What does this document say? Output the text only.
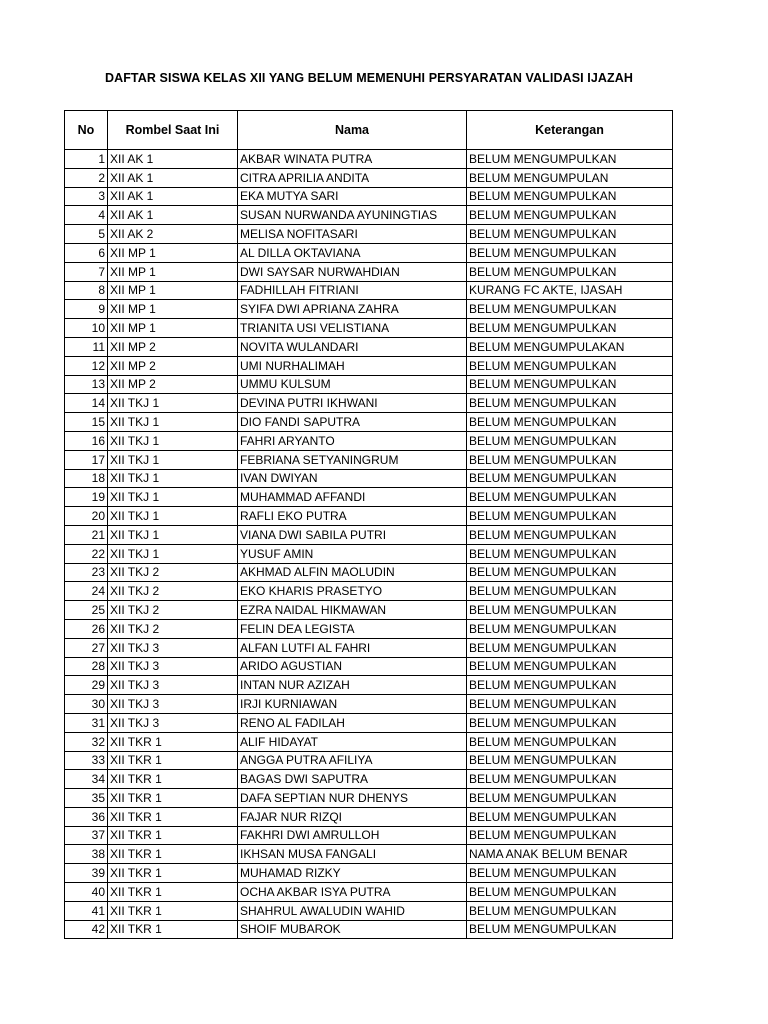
DAFTAR SISWA KELAS XII YANG BELUM MEMENUHI PERSYARATAN VALIDASI IJAZAH
No	Rombel Saat Ini	Nama	Keterangan
1	XII AK 1	AKBAR WINATA PUTRA	BELUM MENGUMPULKAN
2	XII AK 1	CITRA APRILIA ANDITA	BELUM MENGUMPULAN
3	XII AK 1	EKA MUTYA SARI	BELUM MENGUMPULKAN
4	XII AK 1	SUSAN NURWANDA AYUNINGTIAS	BELUM MENGUMPULKAN
5	XII AK 2	MELISA NOFITASARI	BELUM MENGUMPULKAN
6	XII MP 1	AL DILLA OKTAVIANA	BELUM MENGUMPULKAN
7	XII MP 1	DWI SAYSAR NURWAHDIAN	BELUM MENGUMPULKAN
8	XII MP 1	FADHILLAH FITRIANI	KURANG FC AKTE, IJASAH
9	XII MP 1	SYIFA DWI APRIANA ZAHRA	BELUM MENGUMPULKAN
10	XII MP 1	TRIANITA USI VELISTIANA	BELUM MENGUMPULKAN
11	XII MP 2	NOVITA WULANDARI	BELUM MENGUMPULAKAN
12	XII MP 2	UMI NURHALIMAH	BELUM MENGUMPULKAN
13	XII MP 2	UMMU KULSUM	BELUM MENGUMPULKAN
14	XII TKJ 1	DEVINA PUTRI IKHWANI	BELUM MENGUMPULKAN
15	XII TKJ 1	DIO FANDI SAPUTRA	BELUM MENGUMPULKAN
16	XII TKJ 1	FAHRI ARYANTO	BELUM MENGUMPULKAN
17	XII TKJ 1	FEBRIANA SETYANINGRUM	BELUM MENGUMPULKAN
18	XII TKJ 1	IVAN DWIYAN	BELUM MENGUMPULKAN
19	XII TKJ 1	MUHAMMAD AFFANDI	BELUM MENGUMPULKAN
20	XII TKJ 1	RAFLI EKO PUTRA	BELUM MENGUMPULKAN
21	XII TKJ 1	VIANA DWI SABILA PUTRI	BELUM MENGUMPULKAN
22	XII TKJ 1	YUSUF AMIN	BELUM MENGUMPULKAN
23	XII TKJ 2	AKHMAD ALFIN MAOLUDIN	BELUM MENGUMPULKAN
24	XII TKJ 2	EKO KHARIS PRASETYO	BELUM MENGUMPULKAN
25	XII TKJ 2	EZRA NAIDAL HIKMAWAN	BELUM MENGUMPULKAN
26	XII TKJ 2	FELIN DEA LEGISTA	BELUM MENGUMPULKAN
27	XII TKJ 3	ALFAN LUTFI AL FAHRI	BELUM MENGUMPULKAN
28	XII TKJ 3	ARIDO AGUSTIAN	BELUM MENGUMPULKAN
29	XII TKJ 3	INTAN NUR AZIZAH	BELUM MENGUMPULKAN
30	XII TKJ 3	IRJI KURNIAWAN	BELUM MENGUMPULKAN
31	XII TKJ 3	RENO AL FADILAH	BELUM MENGUMPULKAN
32	XII TKR 1	ALIF HIDAYAT	BELUM MENGUMPULKAN
33	XII TKR 1	ANGGA PUTRA AFILIYA	BELUM MENGUMPULKAN
34	XII TKR 1	BAGAS DWI SAPUTRA	BELUM MENGUMPULKAN
35	XII TKR 1	DAFA SEPTIAN NUR DHENYS	BELUM MENGUMPULKAN
36	XII TKR 1	FAJAR NUR RIZQI	BELUM MENGUMPULKAN
37	XII TKR 1	FAKHRI DWI AMRULLOH	BELUM MENGUMPULKAN
38	XII TKR 1	IKHSAN MUSA FANGALI	NAMA ANAK BELUM BENAR
39	XII TKR 1	MUHAMAD RIZKY	BELUM MENGUMPULKAN
40	XII TKR 1	OCHA AKBAR ISYA PUTRA	BELUM MENGUMPULKAN
41	XII TKR 1	SHAHRUL AWALUDIN WAHID	BELUM MENGUMPULKAN
42	XII TKR 1	SHOIF MUBAROK	BELUM MENGUMPULKAN
